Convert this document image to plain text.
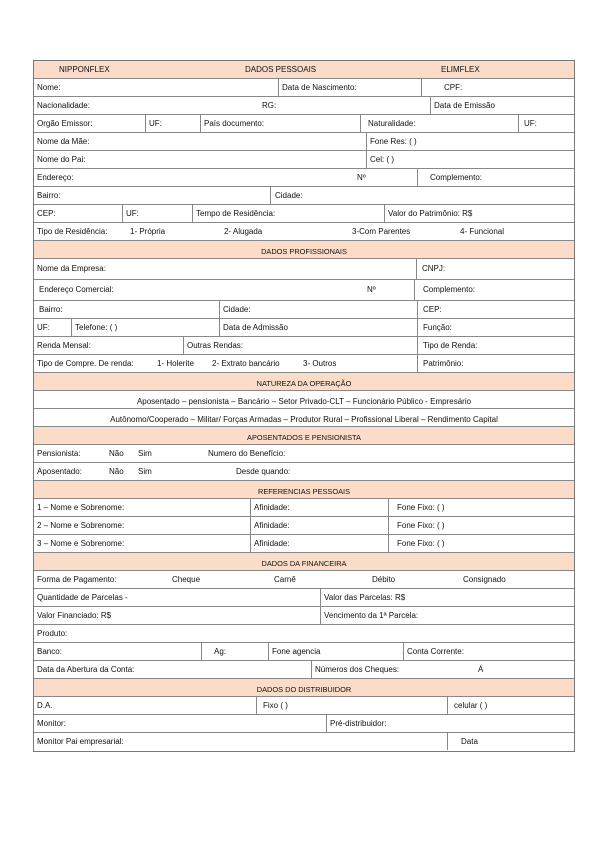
NIPPONFLEX	DADOS PESSOAIS	ELIMFLEX
Nome:	Data de Nascimento:	CPF:
Nacionalidade:	RG:	Data de Emissão
Orgão Emissor:	UF:	País documento:	Naturalidade:	UF:
Nome da Mãe:	Fone Res: ( )
Nome do Pai:	Cel: ( )
Endereço:	Nº	Complemento:
Bairro:	Cidade:
CEP:	UF:	Tempo de Residência:	Valor do Patrimônio: R$
Tipo de Residência:	1- Própria	2- Alugada	3-Com Parentes	4- Funcional
DADOS PROFISSIONAIS
Nome da Empresa:	CNPJ:
Endereço Comercial:	Nº	Complemento:
Bairro:	Cidade:	CEP:
UF:	Telefone: ( )	Data de Admissão	Função:
Renda Mensal:	Outras Rendas:	Tipo de Renda:
Tipo de Compre. De renda:	1- Holerite	2- Extrato bancário	3- Outros	Patrimônio:
NATUREZA DA OPERAÇÃO
Aposentado – pensionista – Bancário – Setor Privado-CLT – Funcionário Público - Empresário
Autônomo/Cooperado – Militar/ Forças Armadas – Produtor Rural – Profissional Liberal – Rendimento Capital
APOSENTADOS E PENSIONISTA
Pensionista:	Não	Sim	Numero do Benefício:
Aposentado:	Não	Sim	Desde quando:
REFERENCIAS PESSOAIS
1 – Nome e Sobrenome:	Afinidade:	Fone Fixo: ( )
2 – Nome e Sobrenome:	Afinidade:	Fone Fixo: ( )
3 – Nome e Sobrenome:	Afinidade:	Fone Fixo: ( )
DADOS DA FINANCEIRA
Forma de Pagamento:	Cheque	Carnê	Débito	Consignado
Quantidade de Parcelas -	Valor das Parcelas: R$
Valor Financiado: R$	Vencimento da 1ª Parcela:
Produto:
Banco:	Ag:	Fone agencia	Conta Corrente:
Data da Abertura da Conta:	Números dos Cheques:	Á
DADOS DO DISTRIBUIDOR
D.A.	Fixo ( )	celular ( )
Monitor:	Pré-distribuidor:
Monitor Pai empresarial:	Data
